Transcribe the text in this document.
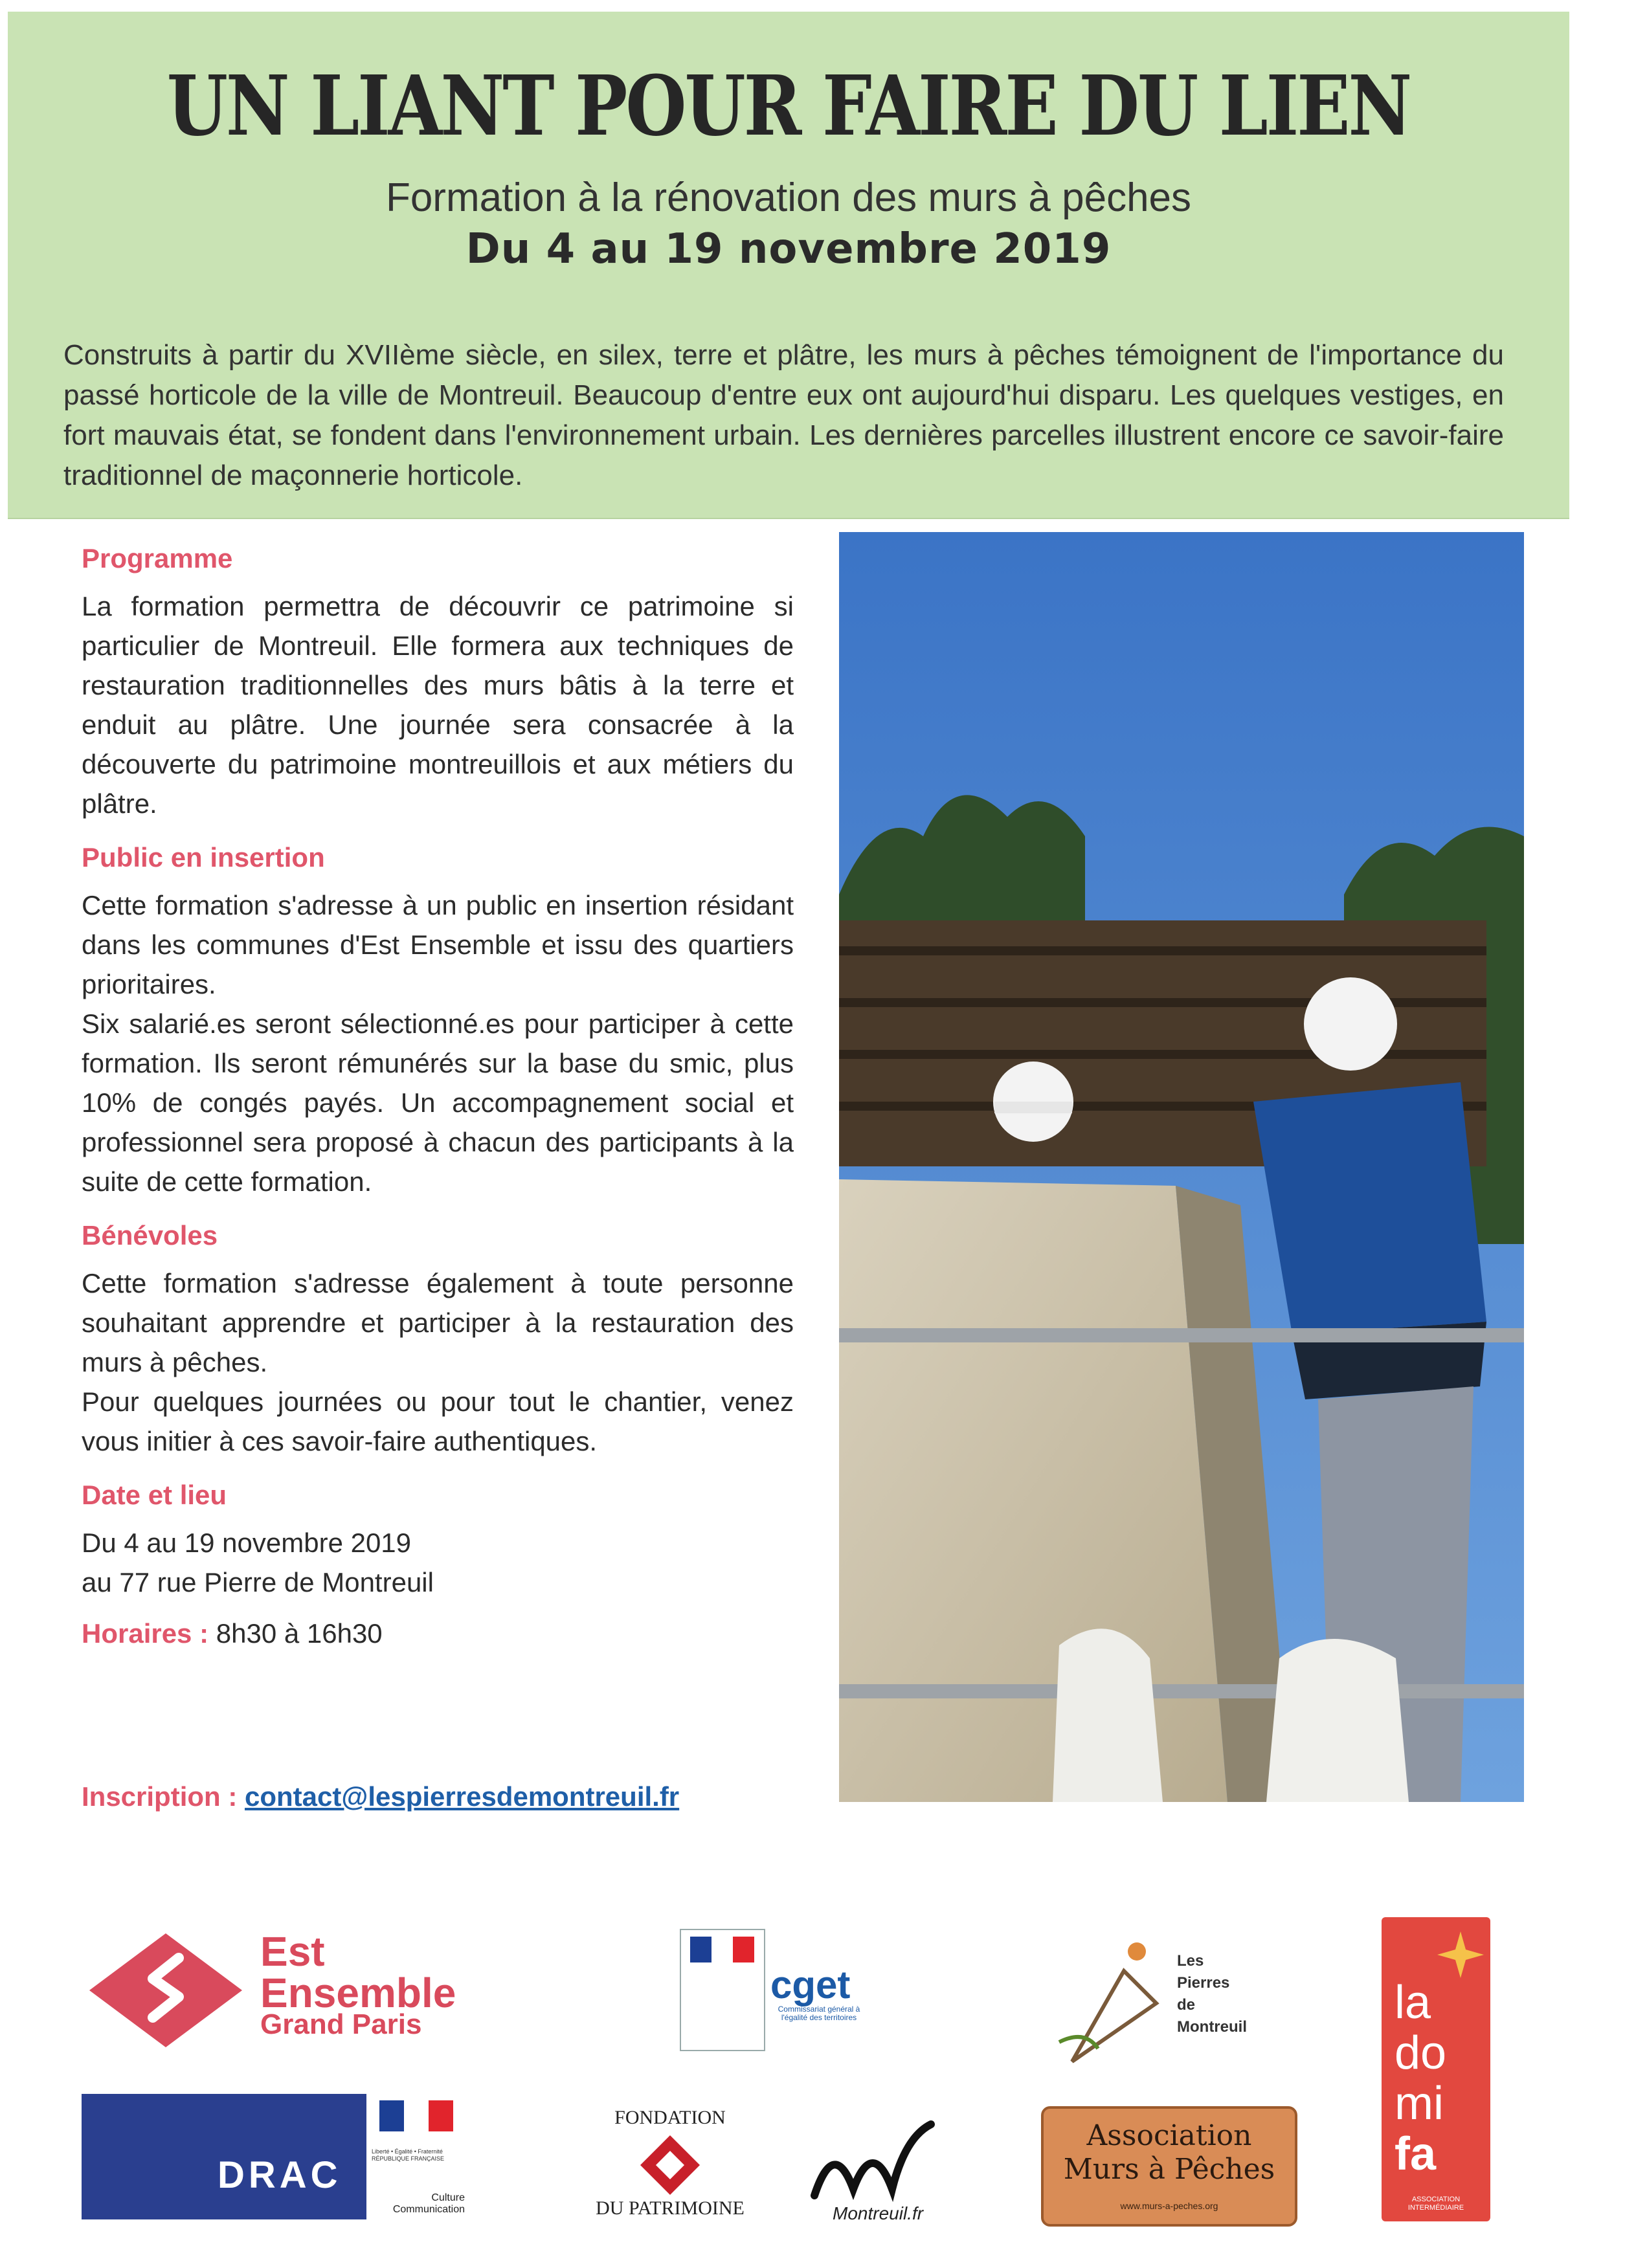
UN LIANT POUR FAIRE DU LIEN
Formation à la rénovation des murs à pêches
Du 4 au 19 novembre 2019
Construits à partir du XVIIème siècle, en silex, terre et plâtre, les murs à pêches témoignent de l'importance du passé horticole de la ville de Montreuil. Beaucoup d'entre eux ont aujourd'hui disparu. Les quelques vestiges, en fort mauvais état, se fondent dans l'environnement urbain. Les dernières parcelles illustrent encore ce savoir-faire traditionnel de maçonnerie horticole.
Programme

La formation permettra de découvrir ce patrimoine si particulier de Montreuil. Elle formera aux techniques de restauration traditionnelles des murs bâtis à la terre et enduit au plâtre. Une journée sera consacrée à la découverte du patrimoine montreuillois et aux métiers du plâtre.

Public en insertion

Cette formation s'adresse à un public en insertion résidant dans les communes d'Est Ensemble et issu des quartiers prioritaires.

Six salarié.es seront sélectionné.es pour participer à cette formation. Ils seront rémunérés sur la base du smic, plus 10% de congés payés. Un accompagnement social et professionnel sera proposé à chacun des participants à la suite de cette formation.

Bénévoles

Cette formation s'adresse également à toute personne souhaitant apprendre et participer à la restauration des murs à pêches.

Pour quelques journées ou pour tout le chantier, venez vous initier à ces savoir-faire authentiques.

Date et lieu

Du 4 au 19 novembre 2019

au 77 rue Pierre de Montreuil

Horaires : 8h30 à 16h30

Inscription : contact@lespierresdemontreuil.fr
Est
Ensemble
Grand Paris
cget
Commissariat général à l'égalité des territoires
Les
Pierres
de
Montreuil	la
do
mi
fa
ASSOCIATION INTERMÉDIAIRE
DRAC
Liberté • Égalité • Fraternité RÉPUBLIQUE FRANÇAISE
Culture Communication
FONDATION
DU PATRIMOINE	Montreuil.fr
Association
Murs à Pêches
www.murs-a-peches.org
